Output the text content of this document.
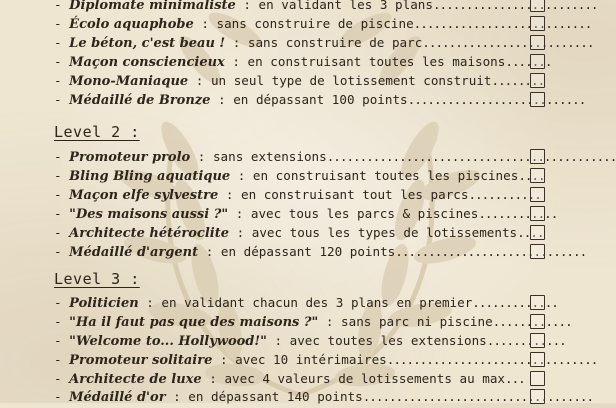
- Diplomate minimaliste : en validant les 3 plans.........................
- Écolo aquaphobe : sans construire de piscine...........................
- Le béton, c'est beau ! : sans construire de parc..........................
- Maçon consciencieux : en construisant toutes les maisons.......
- Mono-Maniaque : un seul type de lotissement construit........
- Médaillé de Bronze : en dépassant 100 points...........................
Level 2 :
- Promoteur prolo : sans extensions............................................
- Bling Bling aquatique : en construisant toutes les piscines....
- Maçon elfe sylvestre : en construisant tout les parcs...........
- "Des maisons aussi ?" : avec tous les parcs & piscines............
- Architecte hétéroclite : avec tous les types de lotissements....
- Médaillé d'argent : en dépassant 120 points.............................
Level 3 :
- Politicien : en validant chacun des 3 plans en premier.............
- "Ha il faut pas que des maisons ?" : sans parc ni piscine............
- "Welcome to... Hollywood!" : avec toutes les extensions............
- Promoteur solitaire : avec 10 intérimaires................................
- Architecte de luxe : avec 4 valeurs de lotissements au max...
- Médaillé d'or : en dépassant 140 points...................................
